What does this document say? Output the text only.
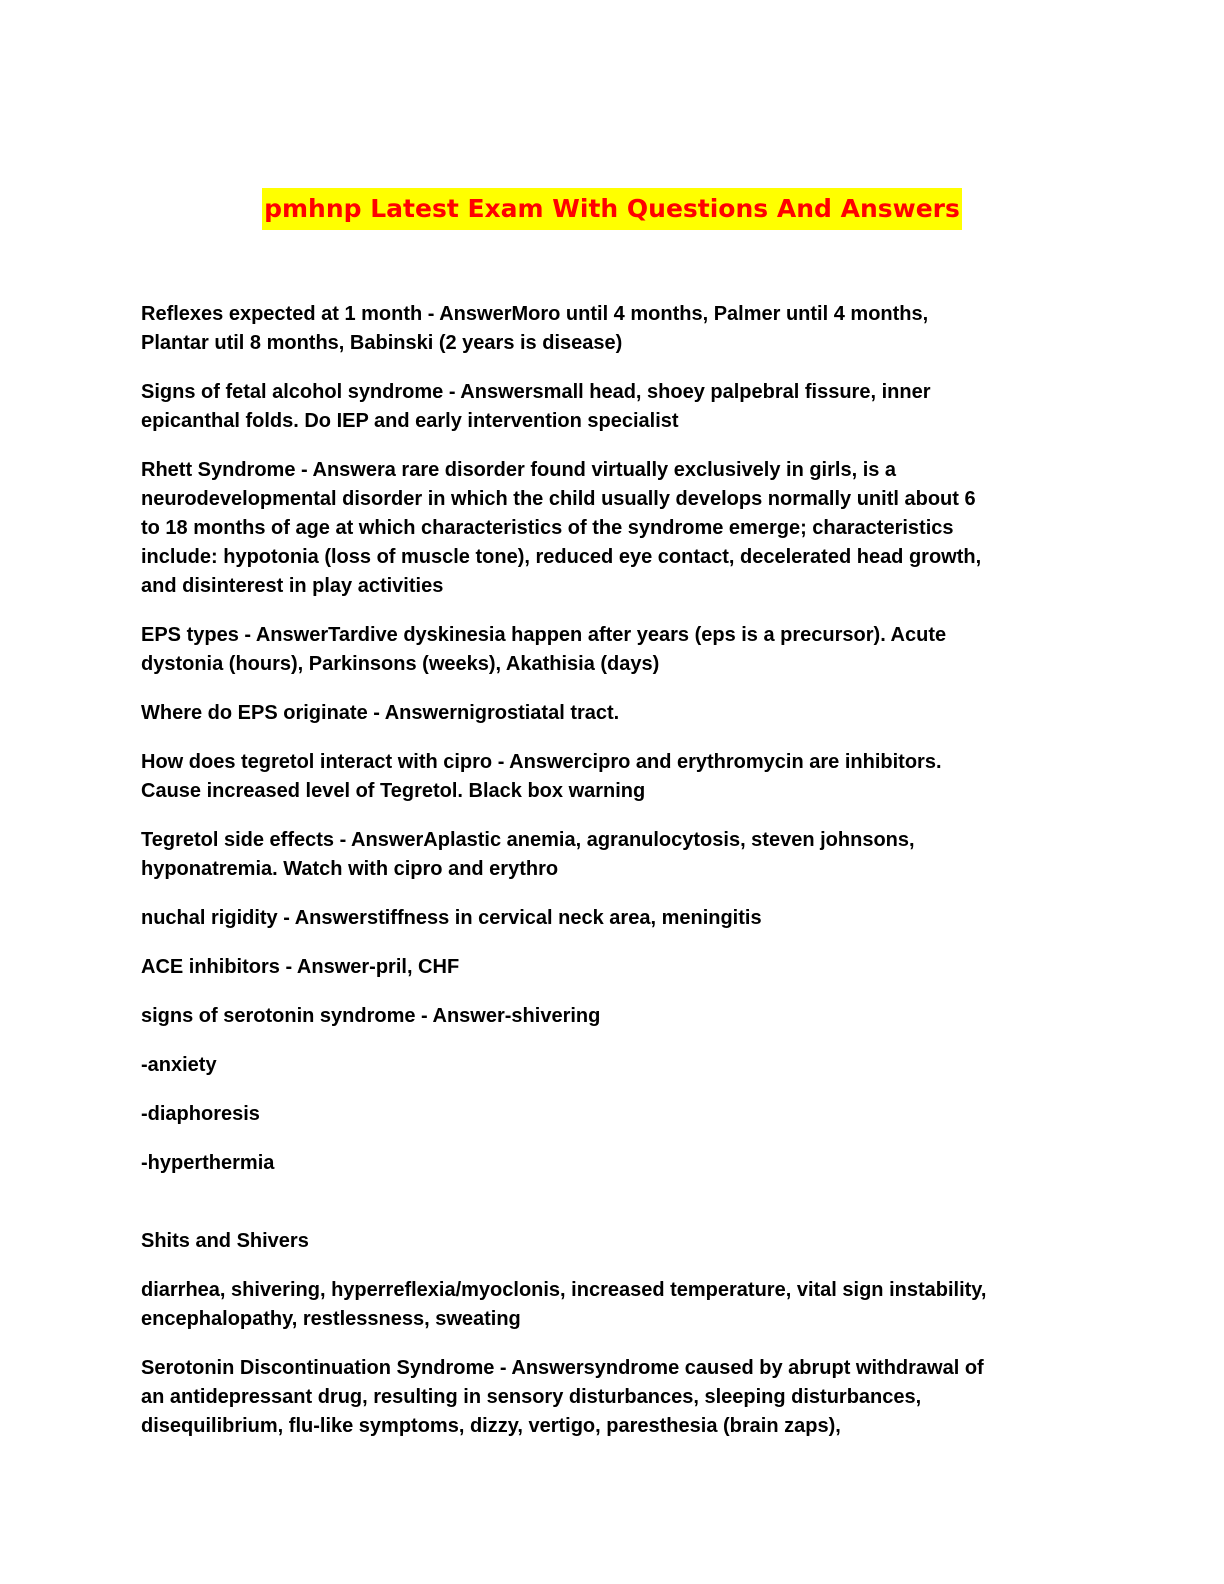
pmhnp Latest Exam With Questions And Answers

Reflexes expected at 1 month - AnswerMoro until 4 months, Palmer until 4 months,
Plantar util 8 months, Babinski (2 years is disease)

Signs of fetal alcohol syndrome - Answersmall head, shoey palpebral fissure, inner
epicanthal folds. Do IEP and early intervention specialist

Rhett Syndrome - Answera rare disorder found virtually exclusively in girls, is a
neurodevelopmental disorder in which the child usually develops normally unitl about 6
to 18 months of age at which characteristics of the syndrome emerge; characteristics
include: hypotonia (loss of muscle tone), reduced eye contact, decelerated head growth,
and disinterest in play activities

EPS types - AnswerTardive dyskinesia happen after years (eps is a precursor). Acute
dystonia (hours), Parkinsons (weeks), Akathisia (days)

Where do EPS originate - Answernigrostiatal tract.

How does tegretol interact with cipro - Answercipro and erythromycin are inhibitors.
Cause increased level of Tegretol. Black box warning

Tegretol side effects - AnswerAplastic anemia, agranulocytosis, steven johnsons,
hyponatremia. Watch with cipro and erythro

nuchal rigidity - Answerstiffness in cervical neck area, meningitis

ACE inhibitors - Answer-pril, CHF

signs of serotonin syndrome - Answer-shivering

-anxiety

-diaphoresis

-hyperthermia

Shits and Shivers

diarrhea, shivering, hyperreflexia/myoclonis, increased temperature, vital sign instability,
encephalopathy, restlessness, sweating

Serotonin Discontinuation Syndrome - Answersyndrome caused by abrupt withdrawal of
an antidepressant drug, resulting in sensory disturbances, sleeping disturbances,
disequilibrium, flu-like symptoms, dizzy, vertigo, paresthesia (brain zaps),
